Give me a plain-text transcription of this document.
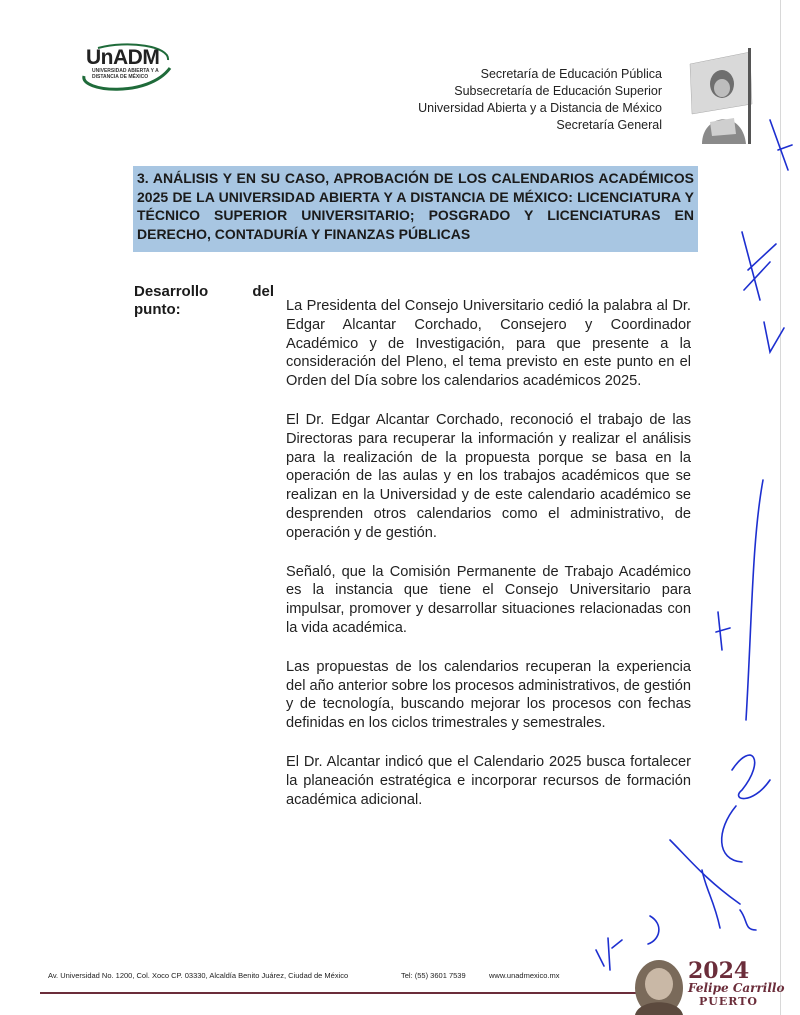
UnADM
UNIVERSIDAD ABIERTA Y A DISTANCIA DE MÉXICO	Secretaría de Educación Pública
Subsecretaría de Educación Superior
Universidad Abierta y a Distancia de México
Secretaría General
3. ANÁLISIS Y EN SU CASO, APROBACIÓN DE LOS CALENDARIOS ACADÉMICOS 2025 DE LA UNIVERSIDAD ABIERTA Y A DISTANCIA DE MÉXICO: LICENCIATURA Y TÉCNICO SUPERIOR UNIVERSITARIO; POSGRADO Y LICENCIATURAS EN DERECHO, CONTADURÍA Y FINANZAS PÚBLICAS
Desarrollo	del
punto:	La Presidenta del Consejo Universitario cedió la palabra al Dr. Edgar Alcantar Corchado, Consejero y Coordinador Académico y de Investigación, para que presente a la consideración del Pleno, el tema previsto en este punto en el Orden del Día sobre los calendarios académicos 2025.

El Dr. Edgar Alcantar Corchado, reconoció el trabajo de las Directoras para recuperar la información y realizar el análisis para la realización de la propuesta porque se basa en la operación de las aulas y en los trabajos académicos que se realizan en la Universidad y de este calendario académico se desprenden otros calendarios como el administrativo, de operación y de gestión.

Señaló, que la Comisión Permanente de Trabajo Académico es la instancia que tiene el Consejo Universitario para impulsar, promover y desarrollar situaciones relacionadas con la vida académica.

Las propuestas de los calendarios recuperan la experiencia del año anterior sobre los procesos administrativos, de gestión y de tecnología, buscando mejorar los procesos con fechas definidas en los ciclos trimestrales y semestrales.

El Dr. Alcantar indicó que el Calendario 2025 busca fortalecer la planeación estratégica e incorporar recursos de formación académica adicional.

Av. Universidad No. 1200, Col. Xoco CP. 03330, Alcaldía Benito Juárez, Ciudad de México	Tel: (55) 3601 7539	www.unadmexico.mx	2024
Felipe Carrillo
PUERTO
